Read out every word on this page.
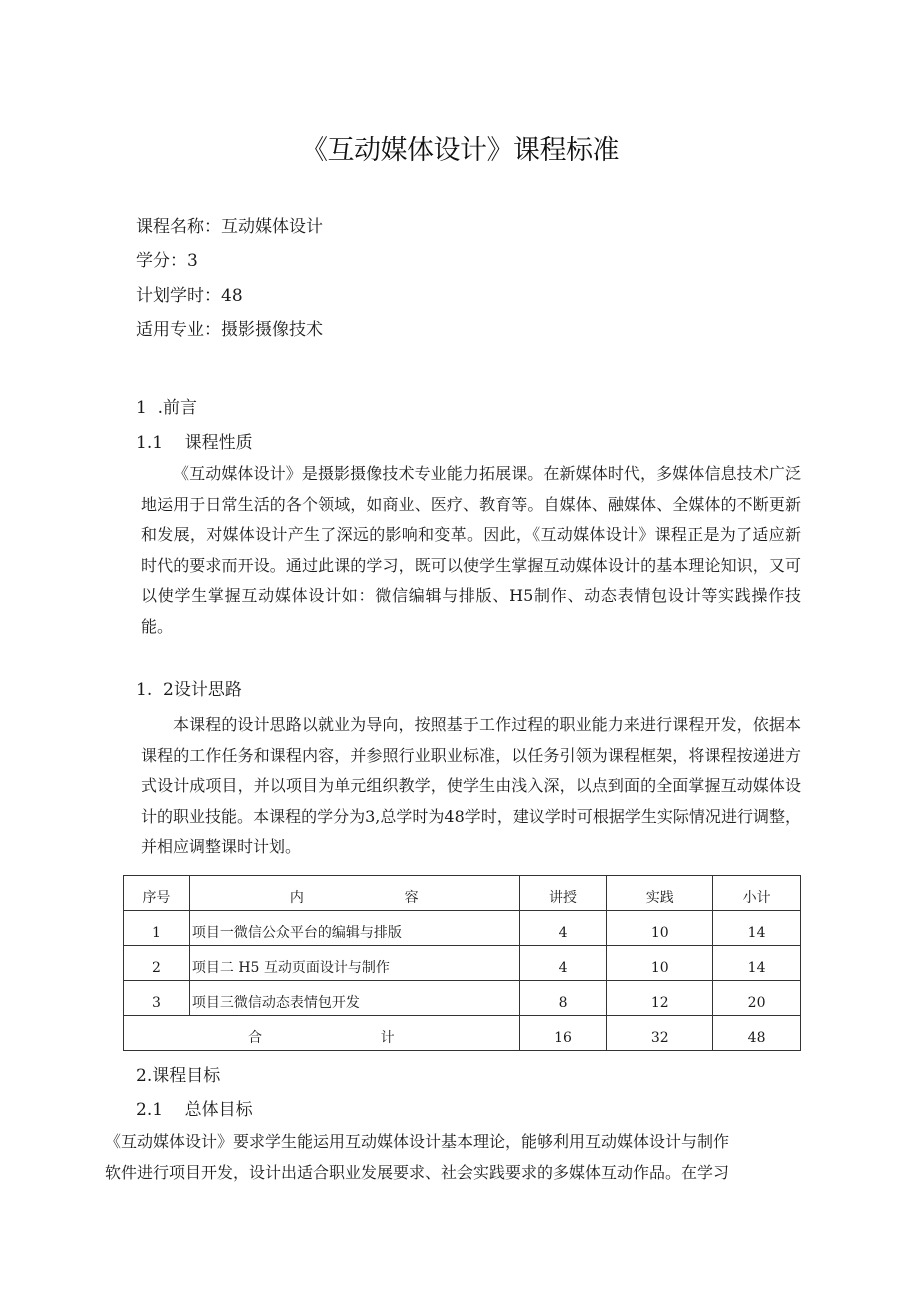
《互动媒体设计》课程标准
课程名称：互动媒体设计
学分：3
计划学时：48
适用专业：摄影摄像技术
1  .前言
1.1    课程性质

《互动媒体设计》是摄影摄像技术专业能力拓展课。在新媒体时代，多媒体信息技术广泛地运用于日常生活的各个领域，如商业、医疗、教育等。自媒体、融媒体、全媒体的不断更新和发展，对媒体设计产生了深远的影响和变革。因此，《互动媒体设计》课程正是为了适应新时代的要求而开设。通过此课的学习，既可以使学生掌握互动媒体设计的基本理论知识，又可以使学生掌握互动媒体设计如：微信编辑与排版、H5制作、动态表情包设计等实践操作技能。

1.  2设计思路

本课程的设计思路以就业为导向，按照基于工作过程的职业能力来进行课程开发，依据本课程的工作任务和课程内容，并参照行业职业标准，以任务引领为课程框架，将课程按递进方式设计成项目，并以项目为单元组织教学，使学生由浅入深，以点到面的全面掌握互动媒体设计的职业技能。本课程的学分为3,总学时为48学时，建议学时可根据学生实际情况进行调整，并相应调整课时计划。

序号	内 容	讲授	实践	小计

1	项目一微信公众平台的编辑与排版	4	10	14

2	项目二 H5 互动页面设计与制作	4	10	14

3	项目三微信动态表情包开发	8	12	20

合 计		16	32	48
2.课程目标
2.1    总体目标

《互动媒体设计》要求学生能运用互动媒体设计基本理论，能够利用互动媒体设计与制作

软件进行项目开发，设计出适合职业发展要求、社会实践要求的多媒体互动作品。在学习
